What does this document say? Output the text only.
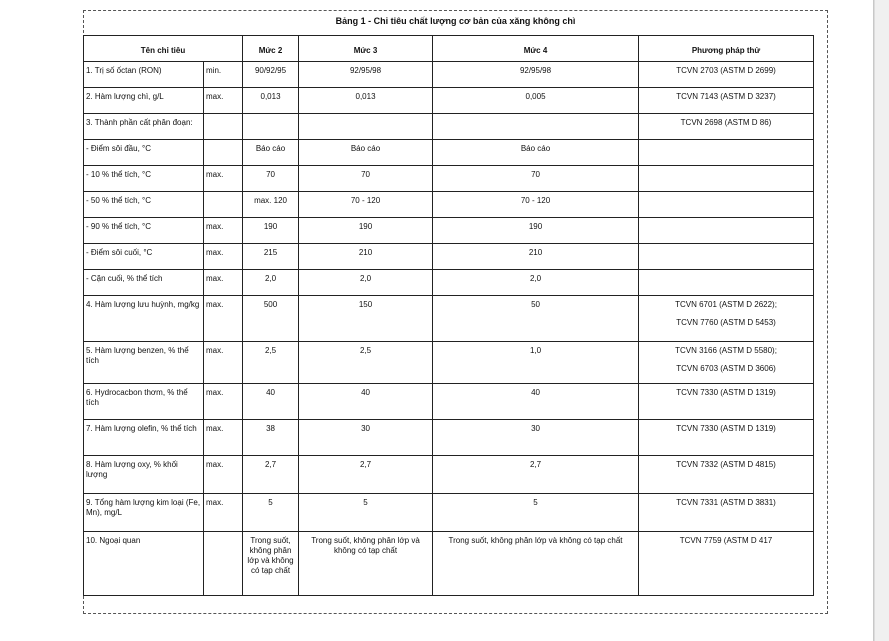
Bảng 1 - Chỉ tiêu chất lượng cơ bản của xăng không chì
Tên chỉ tiêu		Mức 2	Mức 3	Mức 4	Phương pháp thử
1. Trị số ốctan (RON)	min.	90/92/95	92/95/98	92/95/98	TCVN 2703 (ASTM D 2699)

2. Hàm lượng chì, g/L	max.	0,013	0,013	0,005	TCVN 7143 (ASTM D 3237)

3. Thành phần cất phân đoạn:					TCVN 2698 (ASTM D 86)

- Điểm sôi đầu, °C		Báo cáo	Báo cáo	Báo cáo	

- 10 % thể tích, °C	max.	70	70	70	

- 50 % thể tích, °C		max. 120	70 - 120	70 - 120	

- 90 % thể tích, °C	max.	190	190	190	

- Điểm sôi cuối, °C	max.	215	210	210	

- Cặn cuối, % thể tích	max.	2,0	2,0	2,0	

4. Hàm lượng lưu huỳnh, mg/kg	max.	500	150	50	TCVN 6701 (ASTM D 2622);
TCVN 7760 (ASTM D 5453)

5. Hàm lượng benzen, % thể tích	max.	2,5	2,5	1,0	TCVN 3166 (ASTM D 5580);
TCVN 6703 (ASTM D 3606)

6. Hydrocacbon thơm, % thể tích	max.	40	40	40	TCVN 7330 (ASTM D 1319)

7. Hàm lượng olefin, % thể tích	max.	38	30	30	TCVN 7330 (ASTM D 1319)

8. Hàm lượng oxy, % khối lượng	max.	2,7	2,7	2,7	TCVN 7332 (ASTM D 4815)

9. Tổng hàm lượng kim loại (Fe, Mn), mg/L	max.	5	5	5	TCVN 7331 (ASTM D 3831)

10. Ngoại quan		Trong suốt, không phân lớp và không có tạp chất	Trong suốt, không phân lớp và không có tạp chất	Trong suốt, không phân lớp và không có tạp chất	TCVN 7759 (ASTM D 417
